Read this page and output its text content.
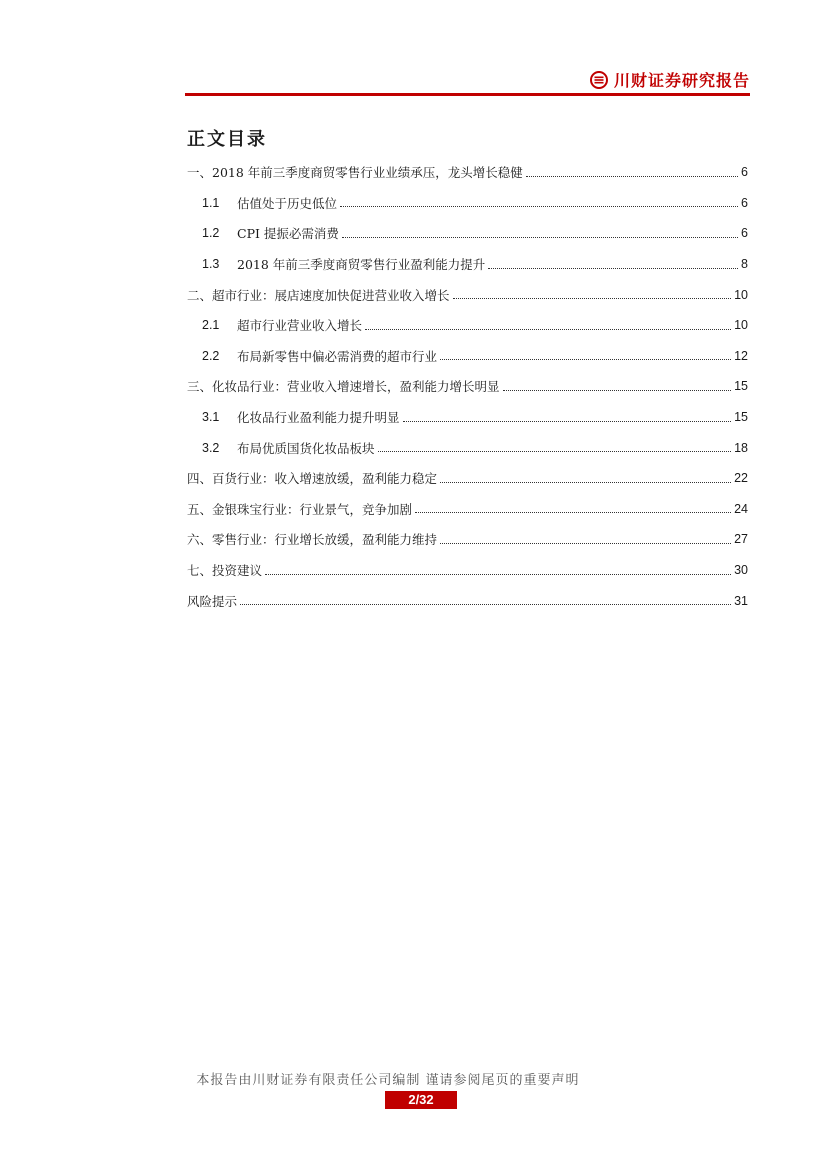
川财证券研究报告
正文目录
一、2018 年前三季度商贸零售行业业绩承压，龙头增长稳健	6
1.1	估值处于历史低位	6
1.2	CPI 提振必需消费	6
1.3	2018 年前三季度商贸零售行业盈利能力提升	8
二、超市行业：展店速度加快促进营业收入增长	10
2.1	超市行业营业收入增长	10
2.2	布局新零售中偏必需消费的超市行业	12
三、化妆品行业：营业收入增速增长，盈利能力增长明显	15
3.1	化妆品行业盈利能力提升明显	15
3.2	布局优质国货化妆品板块	18
四、百货行业：收入增速放缓，盈利能力稳定	22
五、金银珠宝行业：行业景气，竞争加剧	24
六、零售行业：行业增长放缓，盈利能力维持	27
七、投资建议	30
风险提示	31
本报告由川财证券有限责任公司编制 谨请参阅尾页的重要声明
2/32
